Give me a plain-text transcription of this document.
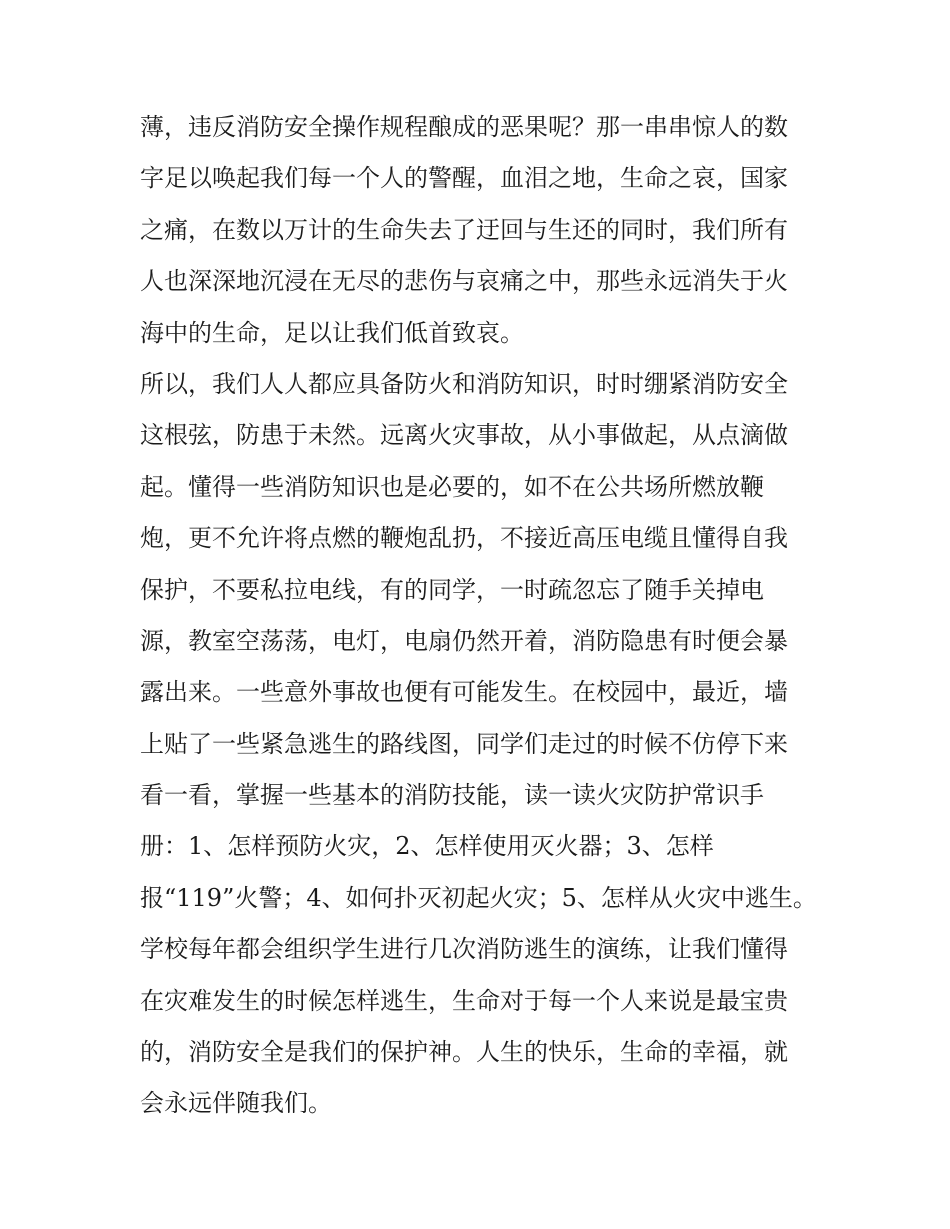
薄，违反消防安全操作规程酿成的恶果呢？那一串串惊人的数
字足以唤起我们每一个人的警醒，血泪之地，生命之哀，国家
之痛，在数以万计的生命失去了迂回与生还的同时，我们所有
人也深深地沉浸在无尽的悲伤与哀痛之中，那些永远消失于火
海中的生命，足以让我们低首致哀。
所以，我们人人都应具备防火和消防知识，时时绷紧消防安全
这根弦，防患于未然。远离火灾事故，从小事做起，从点滴做
起。懂得一些消防知识也是必要的，如不在公共场所燃放鞭
炮，更不允许将点燃的鞭炮乱扔，不接近高压电缆且懂得自我
保护，不要私拉电线，有的同学，一时疏忽忘了随手关掉电
源，教室空荡荡，电灯，电扇仍然开着，消防隐患有时便会暴
露出来。一些意外事故也便有可能发生。在校园中，最近，墙
上贴了一些紧急逃生的路线图，同学们走过的时候不仿停下来
看一看，掌握一些基本的消防技能，读一读火灾防护常识手
册：1、怎样预防火灾，2、怎样使用灭火器；3、怎样
报“119”火警；4、如何扑灭初起火灾；5、怎样从火灾中逃生。
学校每年都会组织学生进行几次消防逃生的演练，让我们懂得
在灾难发生的时候怎样逃生，生命对于每一个人来说是最宝贵
的，消防安全是我们的保护神。人生的快乐，生命的幸福，就
会永远伴随我们。
